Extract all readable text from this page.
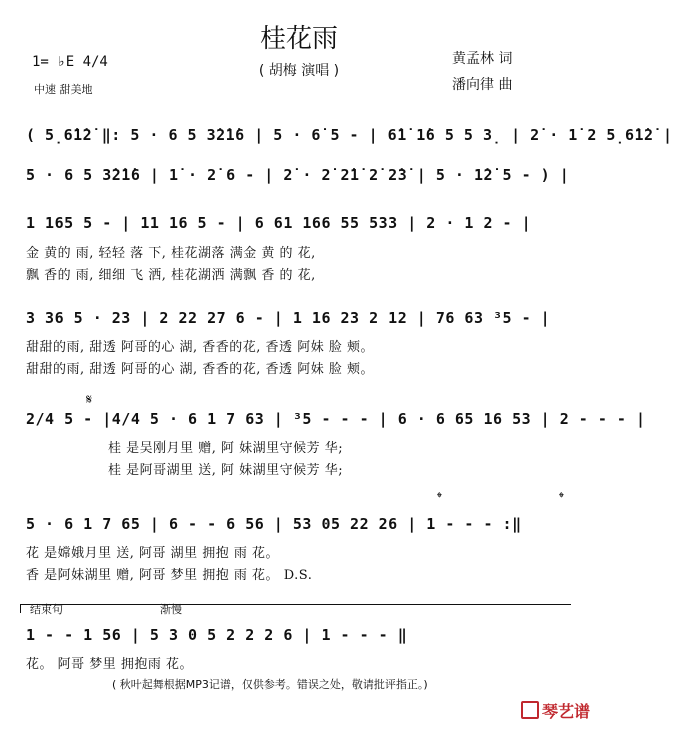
桂花雨
( 胡梅 演唱 )
1= ♭E 4/4
中速 甜美地
黄孟林 词
潘向律 曲
( 5̣6̇1̇2̇ ‖: 5 · 6 5 3̇2̇1̇6 | 5 · 6̇ 5 - | 6̇1̇ 1̇6 5 5 3̣ | 2̇ · 1̇ 2 5̣6̇1̇2̇ |
5 · 6 5 3̇2̇1̇6 | 1̇ · 2̇ 6 - | 2̇ · 2̇ 2̇1̇ 2̇ 2̇3̇ | 5 · 1̇2̇ 5 - ) |
1 165 5 - | 11 16 5 - | 6 61 166 55 533 | 2 · 1 2 - |
金 黄的 雨, 轻轻 落 下, 桂花湖落 满金 黄 的 花,
飘 香的 雨, 细细 飞 洒, 桂花湖洒 满飘 香 的 花,
3 36 5 · 23 | 2 22 27 6 - | 1 16 23 2 12 | 76 63 ³5 - |
甜甜的雨, 甜透 阿哥的心 湖, 香香的花, 香透 阿妹 脸 颊。
甜甜的雨, 甜透 阿哥的心 湖, 香香的花, 香透 阿妹 脸 颊。
𝄋
2/4 5 - |4/4 5 · 6 1 7 63 | ³5 - - - | 6 · 6 65 16 53 | 2 - - - |
桂 是吴刚月里 赠, 阿 妹湖里守候芳 华;
桂 是阿哥湖里 送, 阿 妹湖里守候芳 华;
𝄌	𝄌
5 · 6 1 7 65 | 6 - - 6 56 | 53 05 22 26 | 1 - - - :‖
花 是嫦娥月里 送, 阿哥 湖里 拥抱 雨 花。
香 是阿妹湖里 赠, 阿哥 梦里 拥抱 雨 花。 D.S.
结束句	渐慢
1 - - 1 56 | 5 3 0 5 2 2 2 6 | 1 - - - ‖
花。 阿哥 梦里 拥抱雨 花。
( 秋叶起舞根据MP3记谱，仅供参考。错误之处，敬请批评指正。)
琴艺谱
